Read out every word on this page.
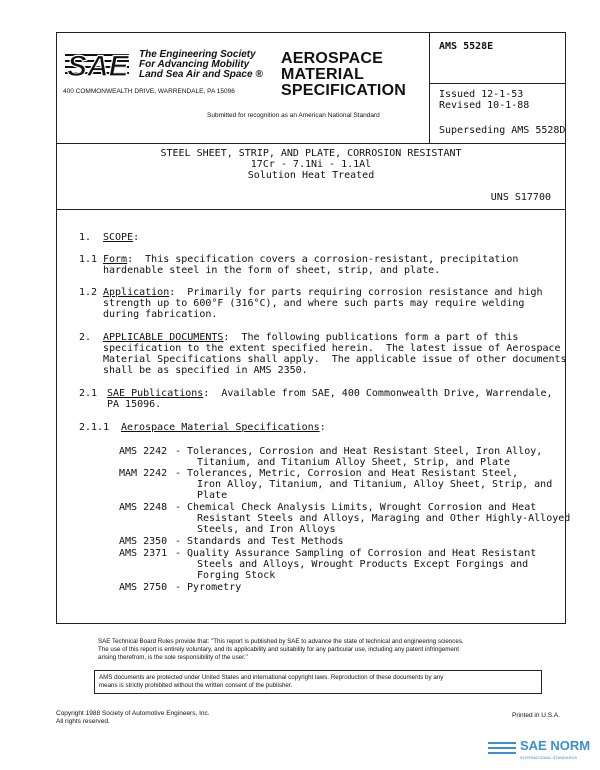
SAE The Engineering Society
For Advancing Mobility
Land Sea Air and Space ®
400 COMMONWEALTH DRIVE, WARRENDALE, PA 15096
AEROSPACE
MATERIAL
SPECIFICATION
Submitted for recognition as an American National Standard
AMS 5528E
Issued 12-1-53
Revised 10-1-88
Superseding AMS 5528D
STEEL SHEET, STRIP, AND PLATE, CORROSION RESISTANT
17Cr - 7.1Ni - 1.1Al
Solution Heat Treated
UNS S17700
1. SCOPE:
1.1 Form:  This specification covers a corrosion-resistant, precipitation
hardenable steel in the form of sheet, strip, and plate.
1.2 Application:  Primarily for parts requiring corrosion resistance and high
strength up to 600°F (316°C), and where such parts may require welding
during fabrication.
2. APPLICABLE DOCUMENTS:  The following publications form a part of this
specification to the extent specified herein.  The latest issue of Aerospace
Material Specifications shall apply.  The applicable issue of other documents
shall be as specified in AMS 2350.
2.1 SAE Publications:  Available from SAE, 400 Commonwealth Drive, Warrendale,
PA 15096.
2.1.1 Aerospace Material Specifications:
AMS 2242 - Tolerances, Corrosion and Heat Resistant Steel, Iron Alloy,
Titanium, and Titanium Alloy Sheet, Strip, and Plate
MAM 2242 - Tolerances, Metric, Corrosion and Heat Resistant Steel,
Iron Alloy, Titanium, and Titanium, Alloy Sheet, Strip, and
Plate
AMS 2248 - Chemical Check Analysis Limits, Wrought Corrosion and Heat
Resistant Steels and Alloys, Maraging and Other Highly-Alloyed
Steels, and Iron Alloys
AMS 2350 - Standards and Test Methods
AMS 2371 - Quality Assurance Sampling of Corrosion and Heat Resistant
Steels and Alloys, Wrought Products Except Forgings and
Forging Stock
AMS 2750 - Pyrometry
SAE Technical Board Rules provide that: "This report is published by SAE to advance the state of technical and engineering sciences.
The use of this report is entirely voluntary, and its applicability and suitability for any particular use, including any patent infringement
arising therefrom, is the sole responsibility of the user."
AMS documents are protected under United States and international copyright laws. Reproduction of these documents by any
means is strictly prohibited without the written consent of the publisher.
Copyright 1988 Society of Automotive Engineers, Inc.
All rights reserved.
Printed in U.S.A.
SAE NORM
INTERNATIONAL STANDARDS
